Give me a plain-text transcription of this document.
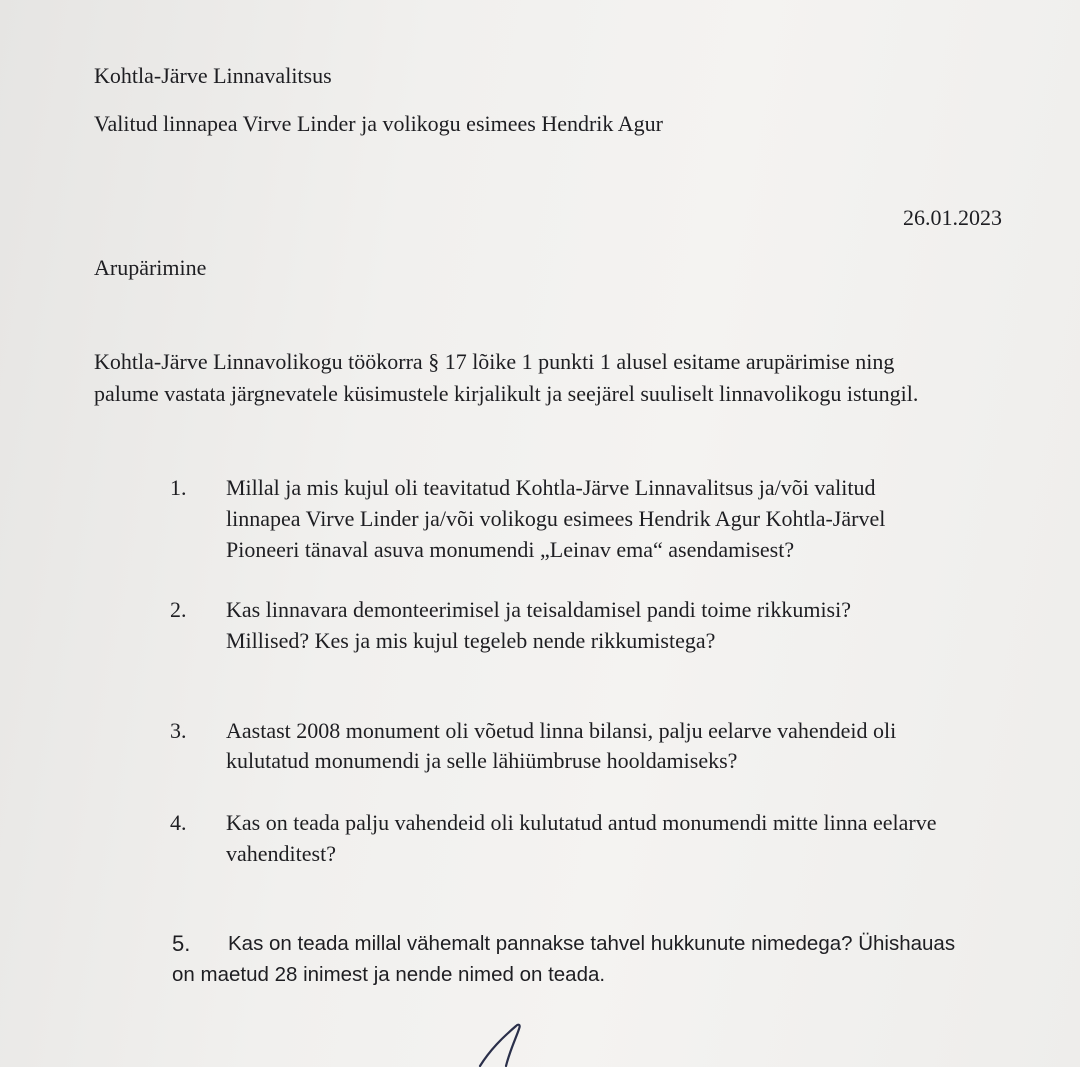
Kohtla-Järve Linnavalitsus
Valitud linnapea Virve Linder ja volikogu esimees Hendrik Agur
26.01.2023
Arupärimine
Kohtla-Järve Linnavolikogu töökorra § 17 lõike 1 punkti 1 alusel esitame arupärimise ning
palume vastata järgnevatele küsimustele kirjalikult ja seejärel suuliselt linnavolikogu istungil.
1. Millal ja mis kujul oli teavitatud Kohtla-Järve Linnavalitsus ja/või valitud
linnapea Virve Linder ja/või volikogu esimees Hendrik Agur Kohtla-Järvel
Pioneeri tänaval asuva monumendi „Leinav ema“ asendamisest?
2. Kas linnavara demonteerimisel ja teisaldamisel pandi toime rikkumisi?
Millised? Kes ja mis kujul tegeleb nende rikkumistega?
3. Aastast 2008 monument oli võetud linna bilansi, palju eelarve vahendeid oli
kulutatud monumendi ja selle lähiümbruse hooldamiseks?
4. Kas on teada palju vahendeid oli kulutatud antud monumendi mitte linna eelarve
vahenditest?
5. Kas on teada millal vähemalt pannakse tahvel hukkunute nimedega? Ühishauas
on maetud 28 inimest ja nende nimed on teada.
